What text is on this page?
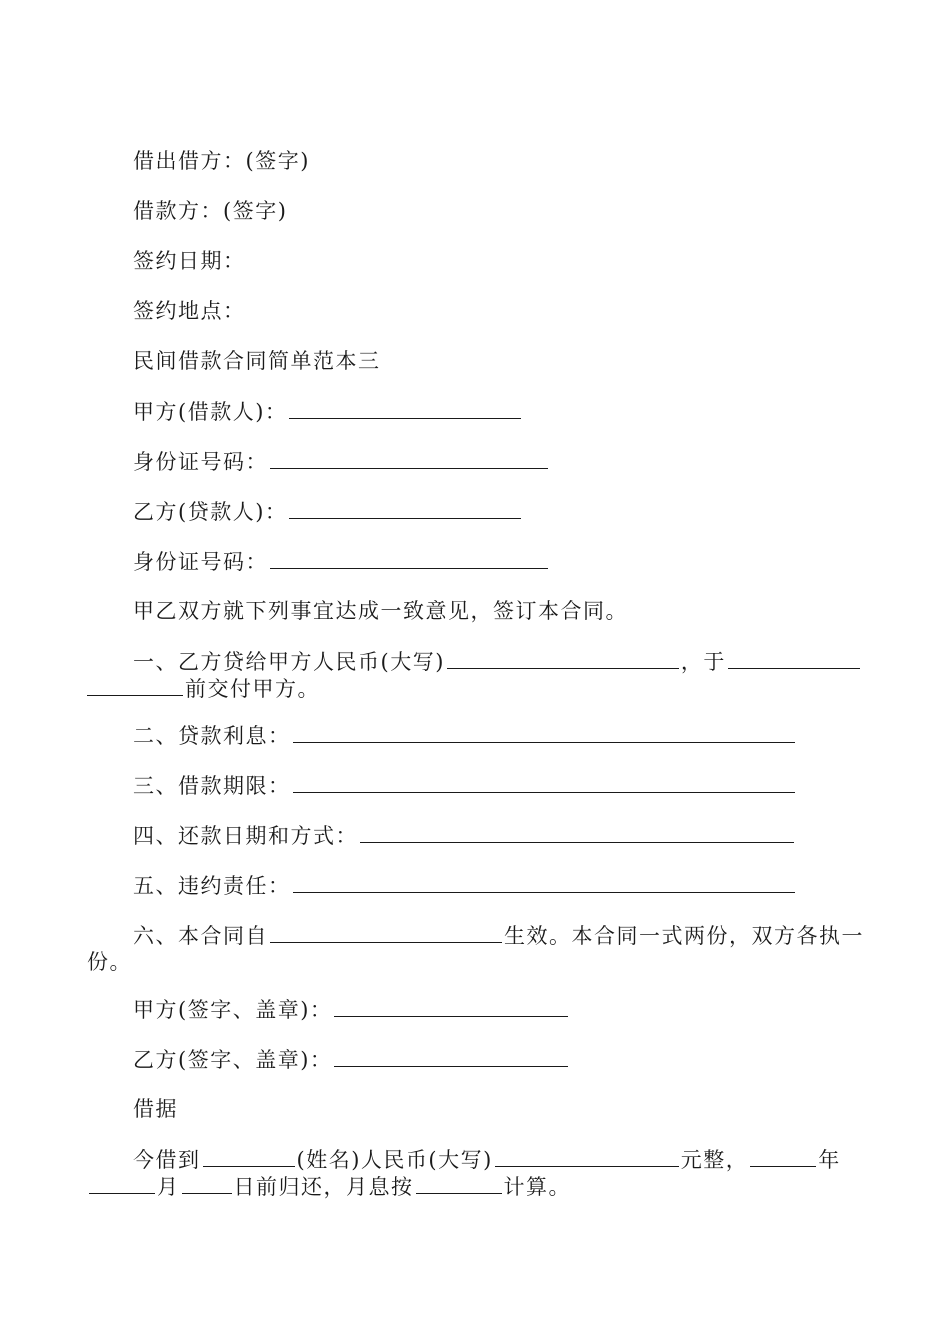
借出借方：(签字)
借款方：(签字)
签约日期：
签约地点：
民间借款合同简单范本三
甲方(借款人)：
身份证号码：
乙方(贷款人)：
身份证号码：
甲乙双方就下列事宜达成一致意见，签订本合同。
一、乙方贷给甲方人民币(大写)	，于前交付甲方。
二、贷款利息：
三、借款期限：
四、还款日期和方式：
五、违约责任：
六、本合同自	生效。本合同一式两份，双方各执一份。
甲方(签字、盖章)：
乙方(签字、盖章)：
借据
今借到	(姓名)人民币(大写)	元整，	年月	日前归还，月息按	计算。
